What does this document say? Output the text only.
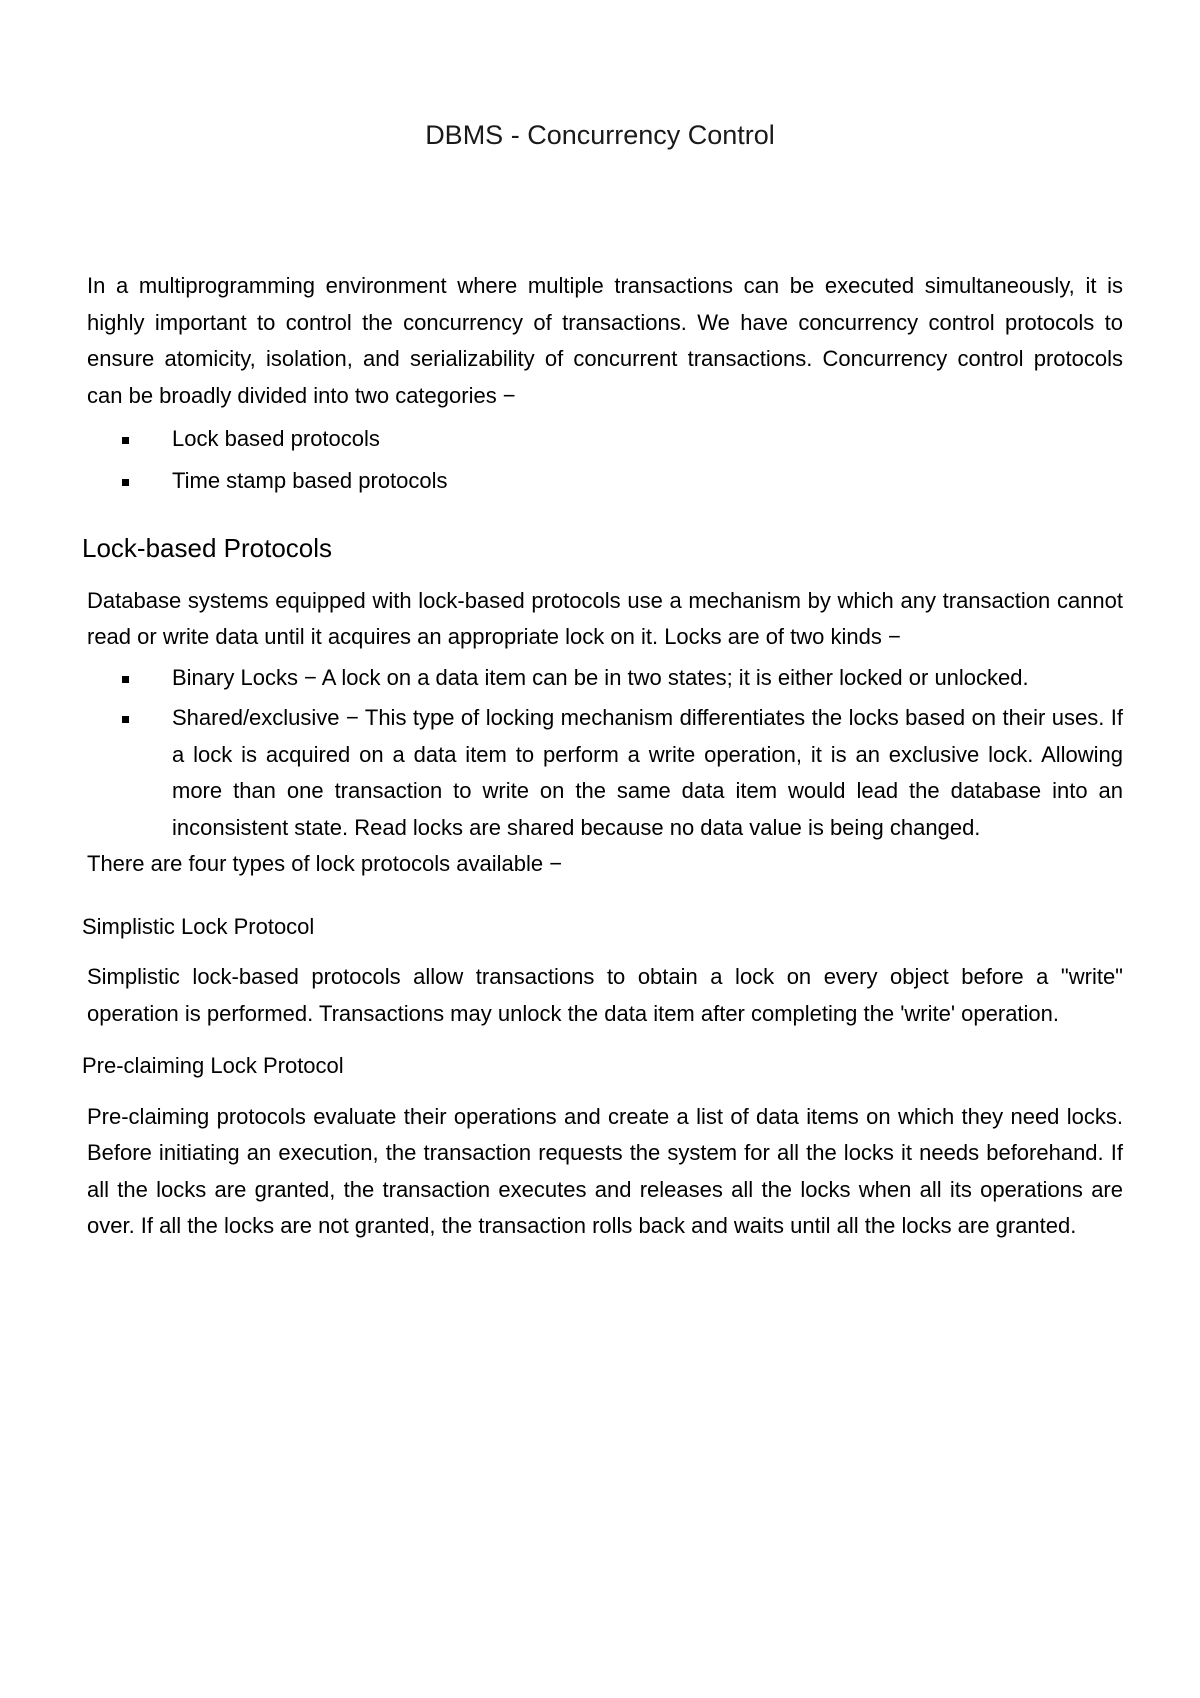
DBMS - Concurrency Control

In a multiprogramming environment where multiple transactions can be executed simultaneously, it is highly important to control the concurrency of transactions. We have concurrency control protocols to ensure atomicity, isolation, and serializability of concurrent transactions. Concurrency control protocols can be broadly divided into two categories −

Lock based protocols
Time stamp based protocols
Lock-based Protocols

Database systems equipped with lock-based protocols use a mechanism by which any transaction cannot read or write data until it acquires an appropriate lock on it. Locks are of two kinds −

Binary Locks − A lock on a data item can be in two states; it is either locked or unlocked.
Shared/exclusive − This type of locking mechanism differentiates the locks based on their uses. If a lock is acquired on a data item to perform a write operation, it is an exclusive lock. Allowing more than one transaction to write on the same data item would lead the database into an inconsistent state. Read locks are shared because no data value is being changed.

There are four types of lock protocols available −

Simplistic Lock Protocol

Simplistic lock-based protocols allow transactions to obtain a lock on every object before a "write" operation is performed. Transactions may unlock the data item after completing the 'write' operation.

Pre-claiming Lock Protocol

Pre-claiming protocols evaluate their operations and create a list of data items on which they need locks. Before initiating an execution, the transaction requests the system for all the locks it needs beforehand. If all the locks are granted, the transaction executes and releases all the locks when all its operations are over. If all the locks are not granted, the transaction rolls back and waits until all the locks are granted.
